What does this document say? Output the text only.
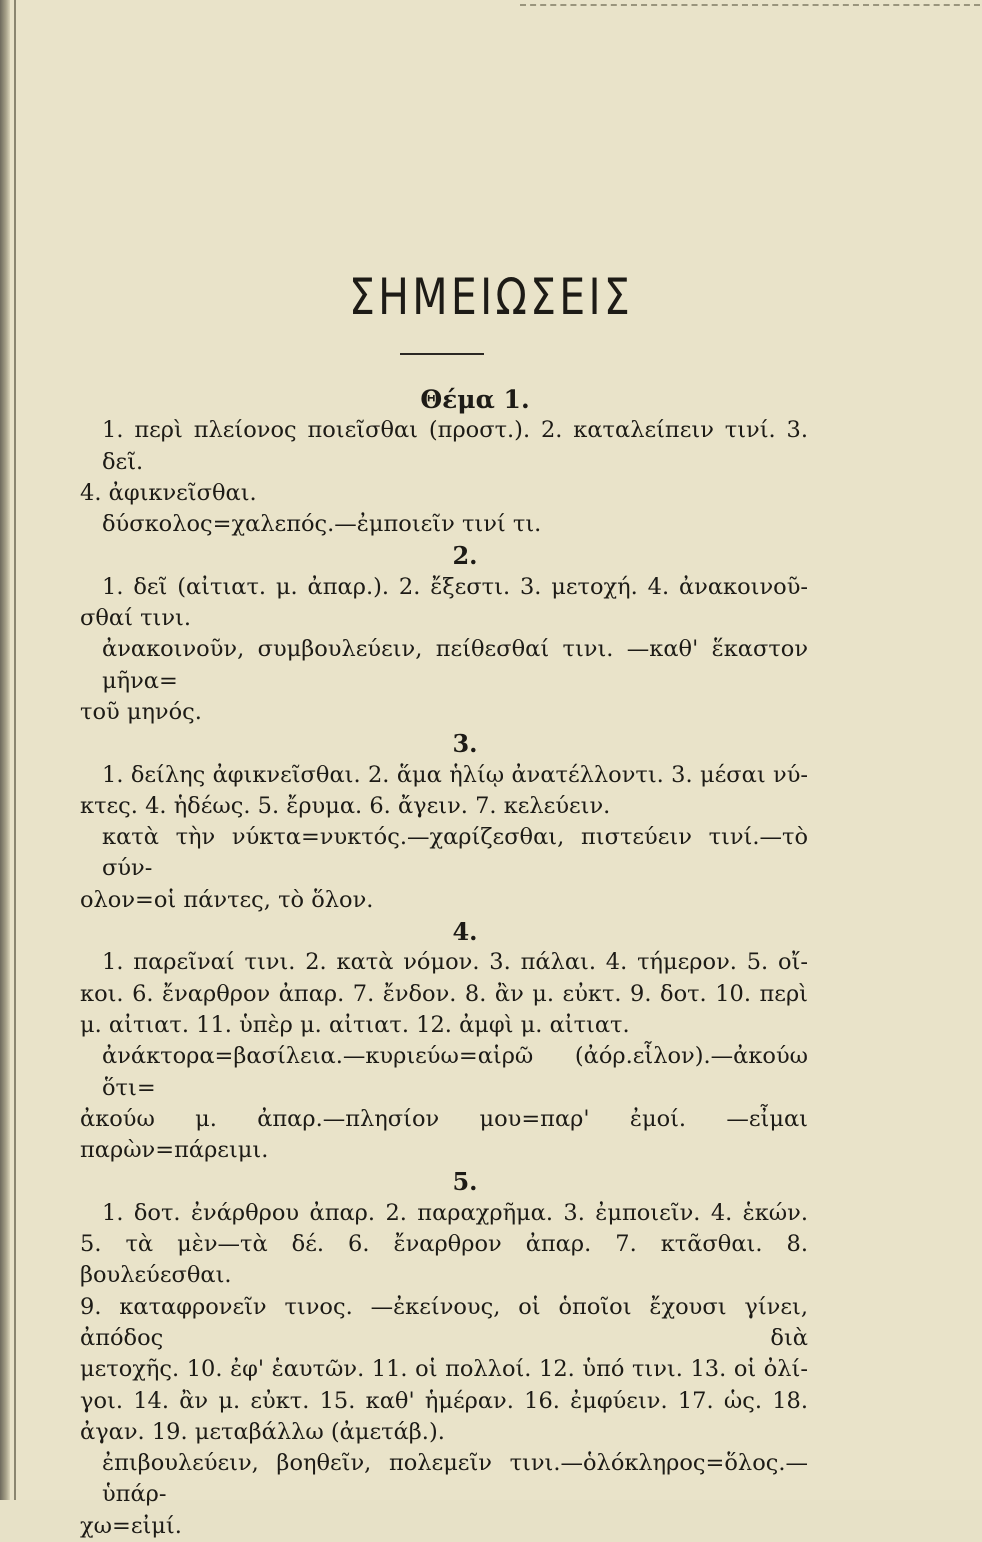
ΣΗΜΕΙΩΣΕΙΣ
Θέμα 1.
1. περὶ πλείονος ποιεῖσθαι (προστ.). 2. καταλείπειν τινί. 3. δεῖ.
4. ἀφικνεῖσθαι.
δύσκολος=χαλεπός.—ἐμποιεῖν τινί τι.
2.
1. δεῖ (αἰτιατ. μ. ἀπαρ.). 2. ἔξεστι. 3. μετοχή. 4. ἀνακοινοῦ-
σθαί τινι.
ἀνακοινοῦν, συμβουλεύειν, πείθεσθαί τινι. —καθ' ἕκαστον μῆνα=
τοῦ μηνός.
3.
1. δείλης ἀφικνεῖσθαι. 2. ἅμα ἡλίῳ ἀνατέλλοντι. 3. μέσαι νύ-
κτες. 4. ἡδέως. 5. ἔρυμα. 6. ἄγειν. 7. κελεύειν.
κατὰ τὴν νύκτα=νυκτός.—χαρίζεσθαι, πιστεύειν τινί.—τὸ σύν-
ολον=οἱ πάντες, τὸ ὅλον.
4.
1. παρεῖναί τινι. 2. κατὰ νόμον. 3. πάλαι. 4. τήμερον. 5. οἴ-
κοι. 6. ἔναρθρον ἀπαρ. 7. ἔνδον. 8. ἂν μ. εὐκτ. 9. δοτ. 10. περὶ
μ. αἰτιατ. 11. ὑπὲρ μ. αἰτιατ. 12. ἀμφὶ μ. αἰτιατ.
ἀνάκτορα=βασίλεια.—κυριεύω=αἱρῶ (ἀόρ.εἷλον).—ἀκούω ὅτι=
ἀκούω μ. ἀπαρ.—πλησίον μου=παρ' ἐμοί. —εἶμαι παρὼν=πάρειμι.
5.
1. δοτ. ἐνάρθρου ἀπαρ. 2. παραχρῆμα. 3. ἐμποιεῖν. 4. ἑκών.
5. τὰ μὲν—τὰ δέ. 6. ἔναρθρον ἀπαρ. 7. κτᾶσθαι. 8. βουλεύεσθαι.
9. καταφρονεῖν τινος. —ἐκείνους, οἱ ὁποῖοι ἔχουσι γίνει, ἀπόδος διὰ
μετοχῆς. 10. ἐφ' ἑαυτῶν. 11. οἱ πολλοί. 12. ὑπό τινι. 13. οἱ ὀλί-
γοι. 14. ἂν μ. εὐκτ. 15. καθ' ἡμέραν. 16. ἐμφύειν. 17. ὡς. 18.
ἀγαν. 19. μεταβάλλω (ἀμετάβ.).
ἐπιβουλεύειν, βοηθεῖν, πολεμεῖν τινι.—ὁλόκληρος=ὅλος.—ὑπάρ-
χω=εἰμί.
